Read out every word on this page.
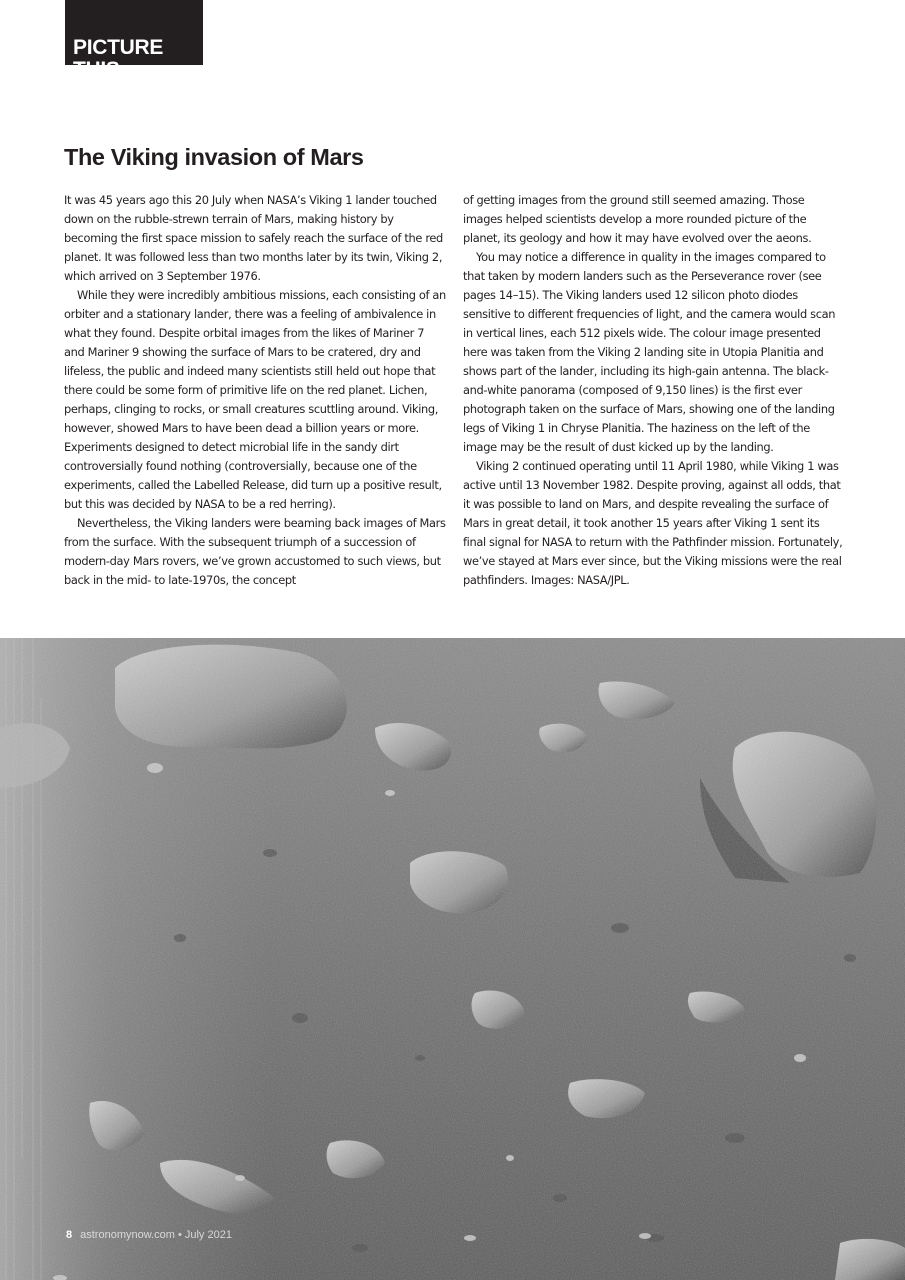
PICTURE THIS
The Viking invasion of Mars

It was 45 years ago this 20 July when NASA’s Viking 1 lander touched down on the rubble-strewn terrain of Mars, making history by becoming the first space mission to safely reach the surface of the red planet. It was followed less than two months later by its twin, Viking 2, which arrived on 3 September 1976.

While they were incredibly ambitious missions, each consisting of an orbiter and a stationary lander, there was a feeling of ambivalence in what they found. Despite orbital images from the likes of Mariner 7 and Mariner 9 showing the surface of Mars to be cratered, dry and lifeless, the public and indeed many scientists still held out hope that there could be some form of primitive life on the red planet. Lichen, perhaps, clinging to rocks, or small creatures scuttling around. Viking, however, showed Mars to have been dead a billion years or more. Experiments designed to detect microbial life in the sandy dirt controversially found nothing (controversially, because one of the experiments, called the Labelled Release, did turn up a positive result, but this was decided by NASA to be a red herring).

Nevertheless, the Viking landers were beaming back images of Mars from the surface. With the subsequent triumph of a succession of modern-day Mars rovers, we’ve grown accustomed to such views, but back in the mid- to late-1970s, the concept

of getting images from the ground still seemed amazing. Those images helped scientists develop a more rounded picture of the planet, its geology and how it may have evolved over the aeons.

You may notice a difference in quality in the images compared to that taken by modern landers such as the Perseverance rover (see pages 14–15). The Viking landers used 12 silicon photo diodes sensitive to different frequencies of light, and the camera would scan in vertical lines, each 512 pixels wide. The colour image presented here was taken from the Viking 2 landing site in Utopia Planitia and shows part of the lander, including its high-gain antenna. The black-and-white panorama (composed of 9,150 lines) is the first ever photograph taken on the surface of Mars, showing one of the landing legs of Viking 1 in Chryse Planitia. The haziness on the left of the image may be the result of dust kicked up by the landing.

Viking 2 continued operating until 11 April 1980, while Viking 1 was active until 13 November 1982. Despite proving, against all odds, that it was possible to land on Mars, and despite revealing the surface of Mars in great detail, it took another 15 years after Viking 1 sent its final signal for NASA to return with the Pathfinder mission. Fortunately, we’ve stayed at Mars ever since, but the Viking missions were the real pathfinders. Images: NASA/JPL.

8 astronomynow.com • July 2021
